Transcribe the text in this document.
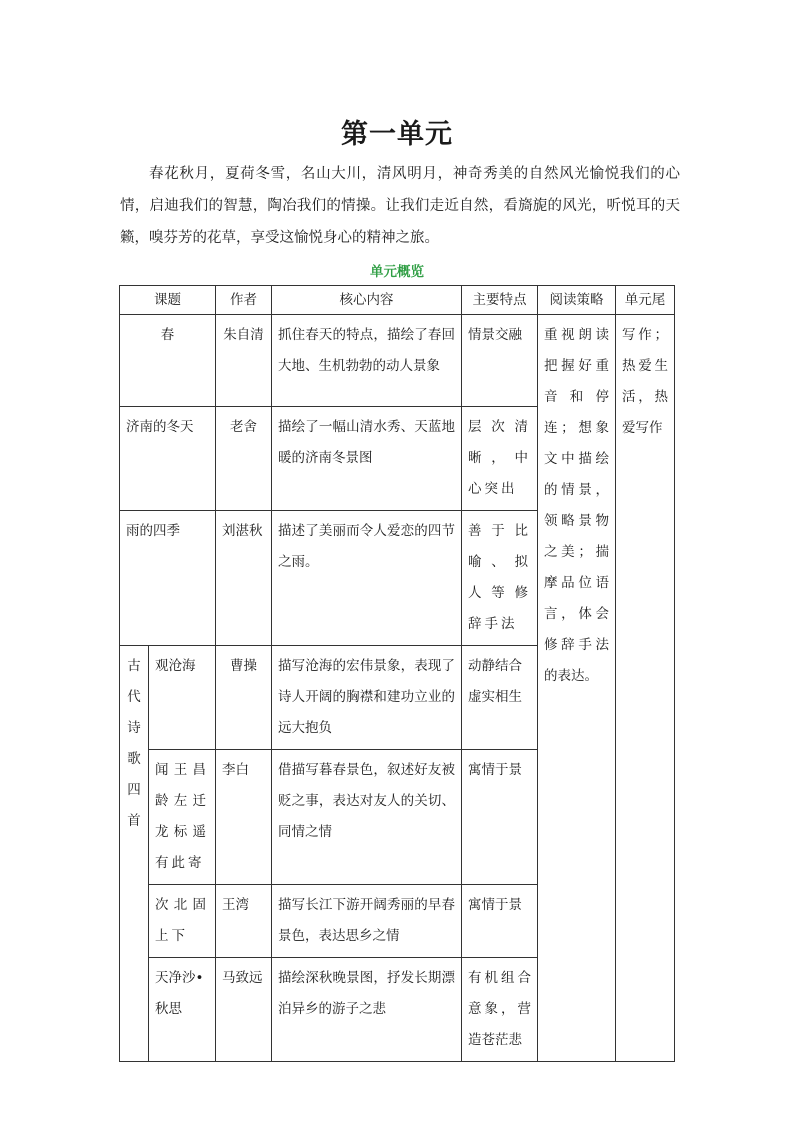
第一单元
春花秋月，夏荷冬雪，名山大川，清风明月，神奇秀美的自然风光愉悦我们的心情，启迪我们的智慧，陶冶我们的情操。让我们走近自然，看旖旎的风光，听悦耳的天籁，嗅芬芳的花草，享受这愉悦身心的精神之旅。
单元概览
课题		作者	核心内容	主要特点	阅读策略	单元尾
春		朱自清	抓住春天的特点，描绘了春回大地、生机勃勃的动人景象	情景交融	重视朗读把握好重音和停连；想象文中描绘的情景，领略景物之美；揣摩品位语言，体会修辞手法的表达。	写作；热爱生活，热爱写作
济南的冬天		老舍	描绘了一幅山清水秀、天蓝地暖的济南冬景图	层次清晰，中心突出		
雨的四季		刘湛秋	描述了美丽而令人爱恋的四节之雨。	善于比喻、拟人等修辞手法		
古代诗歌四首	观沧海	曹操	描写沧海的宏伟景象，表现了诗人开阔的胸襟和建功立业的远大抱负	动静结合虚实相生		
	闻王昌龄左迁龙标遥有此寄	李白	借描写暮春景色，叙述好友被贬之事，表达对友人的关切、同情之情	寓情于景		
	次北固上下	王湾	描写长江下游开阔秀丽的早春景色，表达思乡之情	寓情于景		
	天净沙•秋思	马致远	描绘深秋晚景图，抒发长期漂泊异乡的游子之悲	有机组合意象，营造苍茫悲		
